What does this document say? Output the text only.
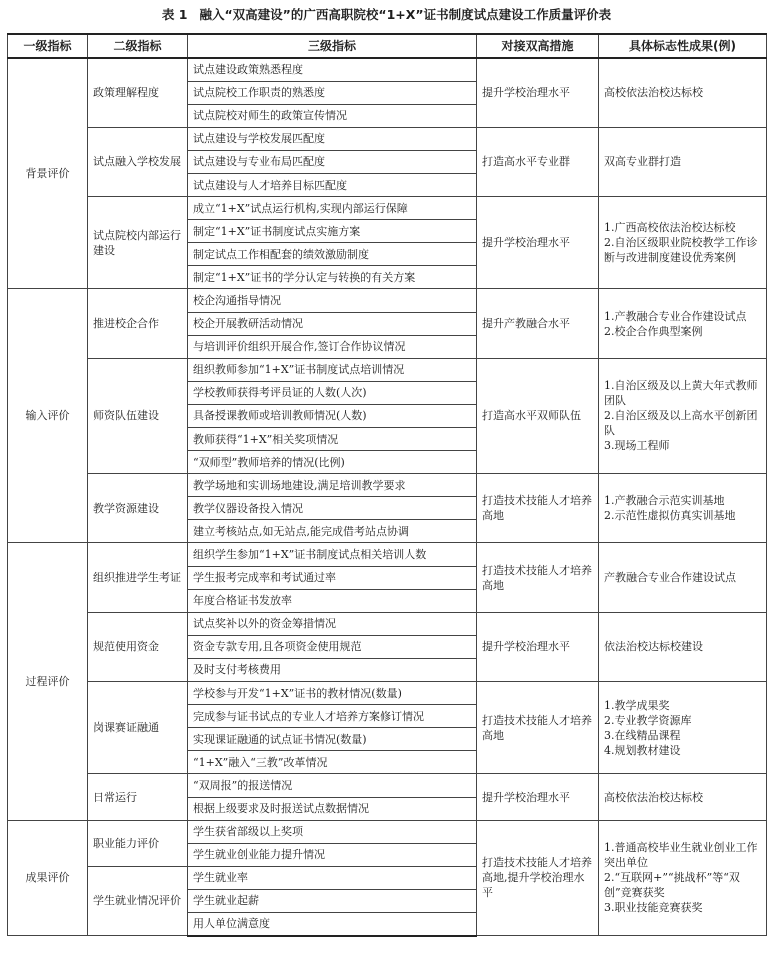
表 1 融入“双高建设”的广西高职院校“1+X”证书制度试点建设工作质量评价表
一级指标	二级指标	三级指标	对接双高措施	具体标志性成果(例)
背景评价	政策理解程度	试点建设政策熟悉程度	提升学校治理水平	高校依法治校达标校

		试点院校工作职责的熟悉度		
		试点院校对师生的政策宣传情况		
	试点融入学校发展	试点建设与学校发展匹配度	打造高水平专业群	双高专业群打造

		试点建设与专业布局匹配度		
		试点建设与人才培养目标匹配度		
	试点院校内部运行建设	成立“1+X”试点运行机构,实现内部运行保障	提升学校治理水平	1.广西高校依法治校达标校
2.自治区级职业院校教学工作诊断与改进制度建设优秀案例

		制定“1+X”证书制度试点实施方案		
		制定试点工作相配套的绩效激励制度		
		制定“1+X”证书的学分认定与转换的有关方案		
输入评价	推进校企合作	校企沟通指导情况	提升产教融合水平	1.产教融合专业合作建设试点
2.校企合作典型案例

		校企开展教研活动情况		
		与培训评价组织开展合作,签订合作协议情况		
	师资队伍建设	组织教师参加“1+X”证书制度试点培训情况	打造高水平双师队伍	1.自治区级及以上黄大年式教师团队
2.自治区级及以上高水平创新团队
3.现场工程师

		学校教师获得考评员证的人数(人次)		
		具备授课教师或培训教师情况(人数)		
		教师获得“1+X”相关奖项情况		
		“双师型”教师培养的情况(比例)		
	教学资源建设	教学场地和实训场地建设,满足培训教学要求	打造技术技能人才培养高地	1.产教融合示范实训基地
2.示范性虚拟仿真实训基地

		教学仪器设备投入情况		
		建立考核站点,如无站点,能完成借考站点协调		
过程评价	组织推进学生考证	组织学生参加“1+X”证书制度试点相关培训人数	打造技术技能人才培养高地	产教融合专业合作建设试点

		学生报考完成率和考试通过率		
		年度合格证书发放率		
	规范使用资金	试点奖补以外的资金筹措情况	提升学校治理水平	依法治校达标校建设

		资金专款专用,且各项资金使用规范		
		及时支付考核费用		
	岗课赛证融通	学校参与开发“1+X”证书的教材情况(数量)	打造技术技能人才培养高地	1.教学成果奖
2.专业教学资源库
3.在线精品课程
4.规划教材建设

		完成参与证书试点的专业人才培养方案修订情况		
		实现课证融通的试点证书情况(数量)		
		“1+X”融入“三教”改革情况		
	日常运行	“双周报”的报送情况	提升学校治理水平	高校依法治校达标校

		根据上级要求及时报送试点数据情况		
成果评价	职业能力评价	学生获省部级以上奖项	打造技术技能人才培养高地,提升学校治理水平	1.普通高校毕业生就业创业工作突出单位
2.“互联网+”“挑战杯”等“双创”竞赛获奖
3.职业技能竞赛获奖

		学生就业创业能力提升情况		
	学生就业情况评价	学生就业率		
		学生就业起薪		
		用人单位满意度		
